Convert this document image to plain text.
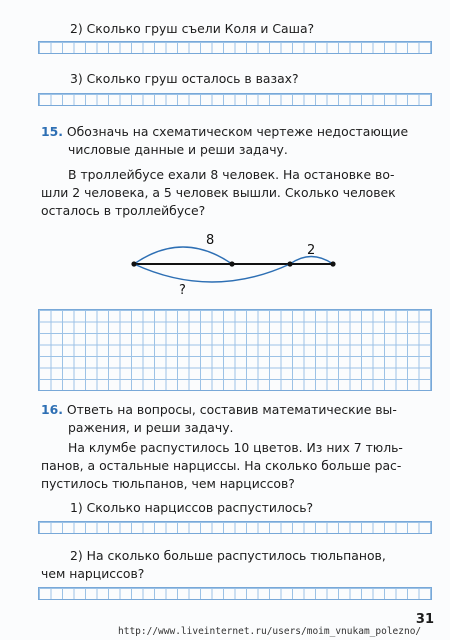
2) Сколько груш съели Коля и Саша?
3) Сколько груш осталось в вазах?
15. Обозначь на схематическом чертеже недостающие
числовые данные и реши задачу.
В троллейбусе ехали 8 человек. На остановке во-
шли 2 человека, а 5 человек вышли. Сколько человек
осталось в троллейбусе?
8
2
?
16. Ответь на вопросы, составив математические вы-
ражения, и реши задачу.
На клумбе распустилось 10 цветов. Из них 7 тюль-
панов, а остальные нарциссы. На сколько больше рас-
пустилось тюльпанов, чем нарциссов?
1) Сколько нарциссов распустилось?
2) На сколько больше распустилось тюльпанов,
чем нарциссов?
31
http://www.liveinternet.ru/users/moim_vnukam_polezno/
